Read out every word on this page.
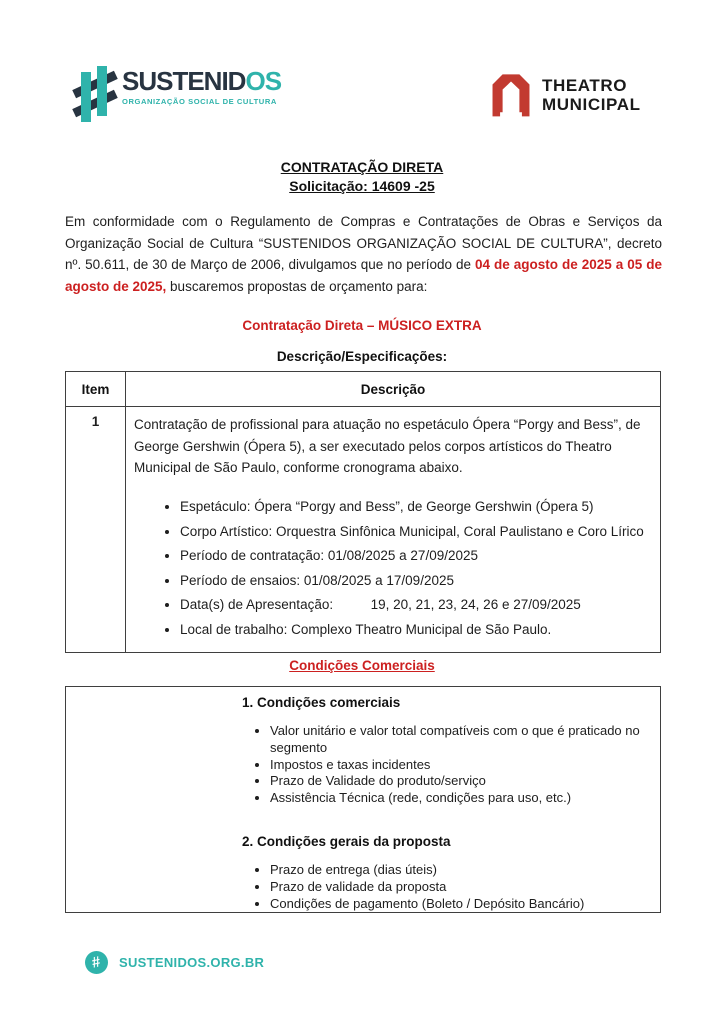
SUSTENIDOS
ORGANIZAÇÃO SOCIAL DE CULTURA
THEATRO
MUNICIPAL
CONTRATAÇÃO DIRETA
Solicitação: 14609 -25

Em conformidade com o Regulamento de Compras e Contratações de Obras e Serviços da Organização Social de Cultura “SUSTENIDOS ORGANIZAÇÃO SOCIAL DE CULTURA”, decreto nº. 50.611, de 30 de Março de 2006, divulgamos que no período de 04 de agosto de 2025 a 05 de agosto de 2025, buscaremos propostas de orçamento para:

Contratação Direta – MÚSICO EXTRA
Descrição/Especificações:
Item	Descrição
1	Contratação de profissional para atuação no espetáculo Ópera “Porgy and Bess”, de George Gershwin (Ópera 5), a ser executado pelos corpos artísticos do Theatro Municipal de São Paulo, conforme cronograma abaixo.

• Espetáculo: Ópera “Porgy and Bess”, de George Gershwin (Ópera 5)
• Corpo Artístico: Orquestra Sinfônica Municipal, Coral Paulistano e Coro Lírico
• Período de contratação: 01/08/2025 a 27/09/2025
• Período de ensaios: 01/08/2025 a 17/09/2025
• Data(s) de Apresentação:          19, 20, 21, 23, 24, 26 e 27/09/2025
• Local de trabalho: Complexo Theatro Municipal de São Paulo.
Condições Comerciais
1. Condições comerciais
• Valor unitário e valor total compatíveis com o que é praticado no segmento
• Impostos e taxas incidentes
• Prazo de Validade do produto/serviço
• Assistência Técnica (rede, condições para uso, etc.)
2. Condições gerais da proposta
• Prazo de entrega (dias úteis)
• Prazo de validade da proposta
• Condições de pagamento (Boleto / Depósito Bancário)
# SUSTENIDOS.ORG.BR
